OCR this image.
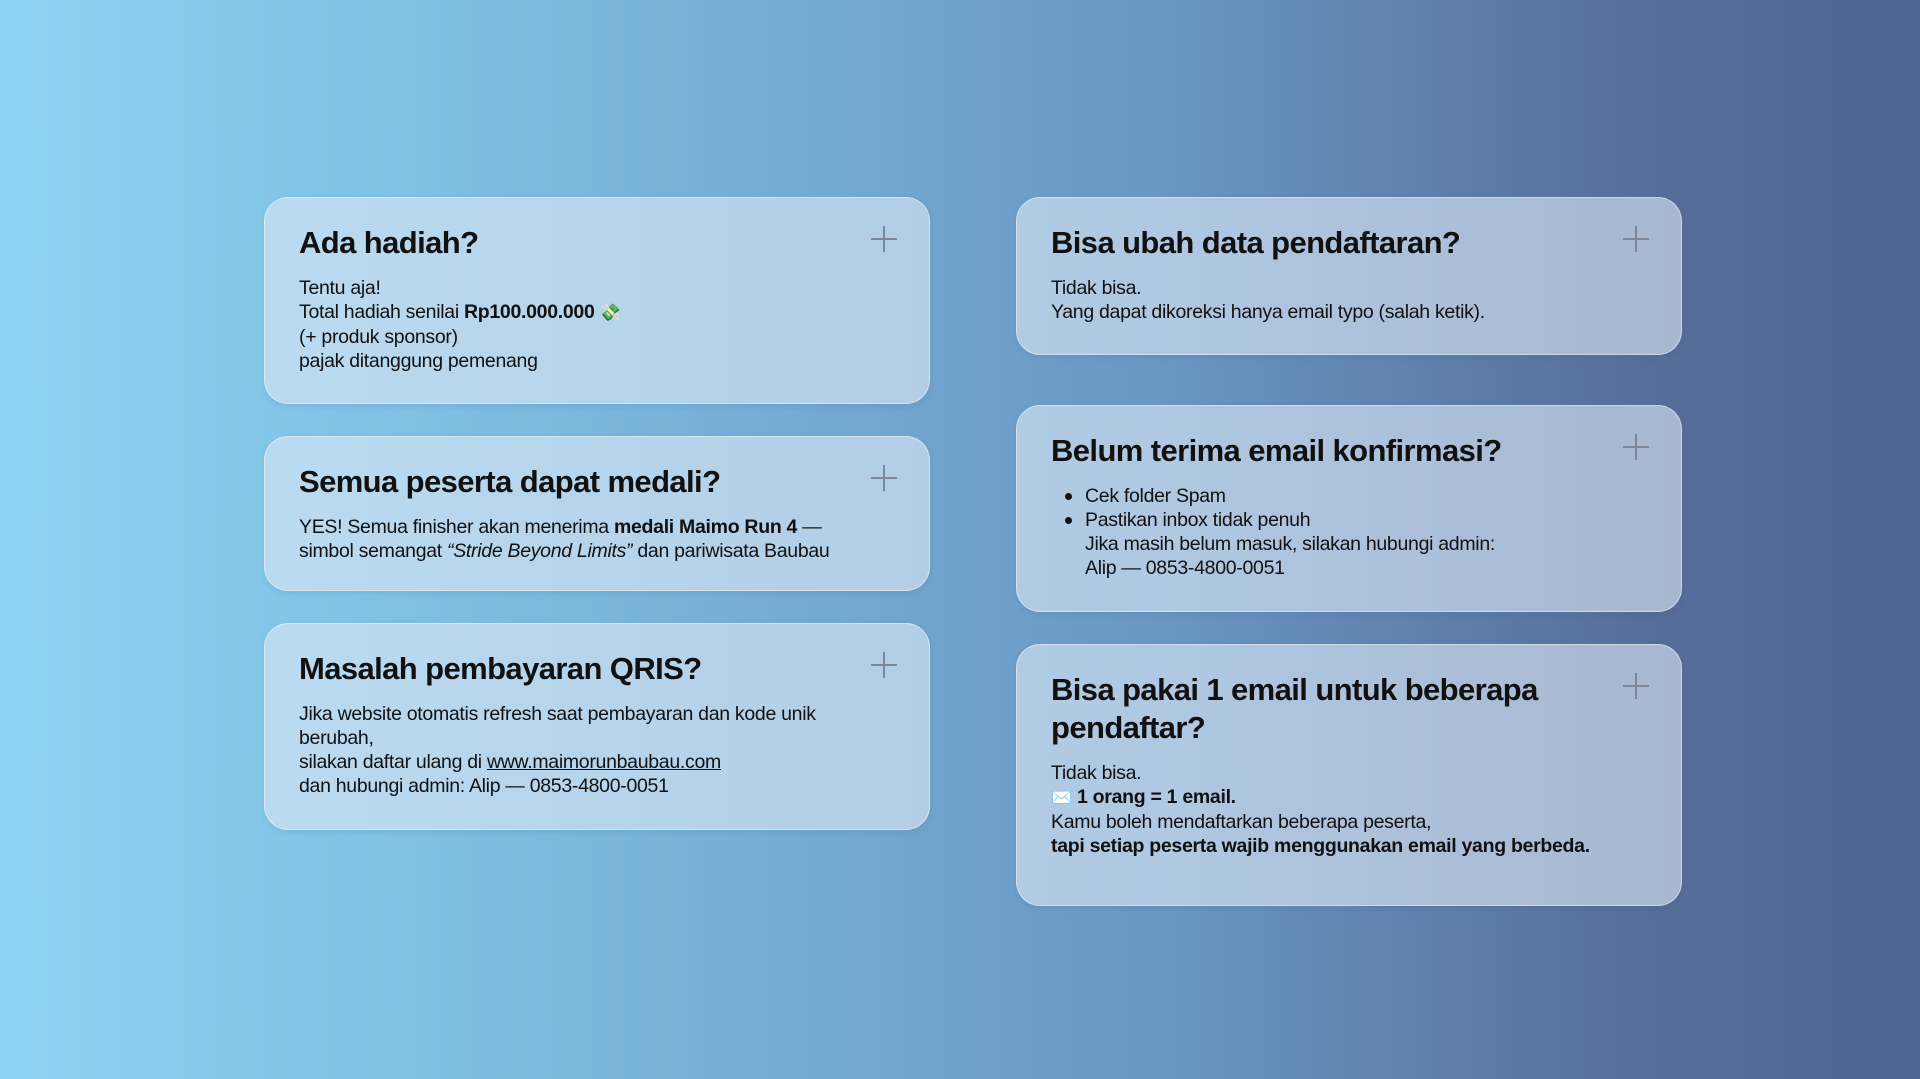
Ada hadiah?
Tentu aja!
Total hadiah senilai Rp100.000.000 💸
(+ produk sponsor)
pajak ditanggung pemenang
Semua peserta dapat medali?
YES! Semua finisher akan menerima medali Maimo Run 4 —
simbol semangat “Stride Beyond Limits” dan pariwisata Baubau
Masalah pembayaran QRIS?
Jika website otomatis refresh saat pembayaran dan kode unik
berubah,
silakan daftar ulang di www.maimorunbaubau.com
dan hubungi admin: Alip — 0853-4800-0051
Bisa ubah data pendaftaran?
Tidak bisa.
Yang dapat dikoreksi hanya email typo (salah ketik).
Belum terima email konfirmasi?
Cek folder Spam
Pastikan inbox tidak penuh
Jika masih belum masuk, silakan hubungi admin:
Alip — 0853-4800-0051
Bisa pakai 1 email untuk beberapa pendaftar?
Tidak bisa.
✉️ 1 orang = 1 email.
Kamu boleh mendaftarkan beberapa peserta,
tapi setiap peserta wajib menggunakan email yang berbeda.
